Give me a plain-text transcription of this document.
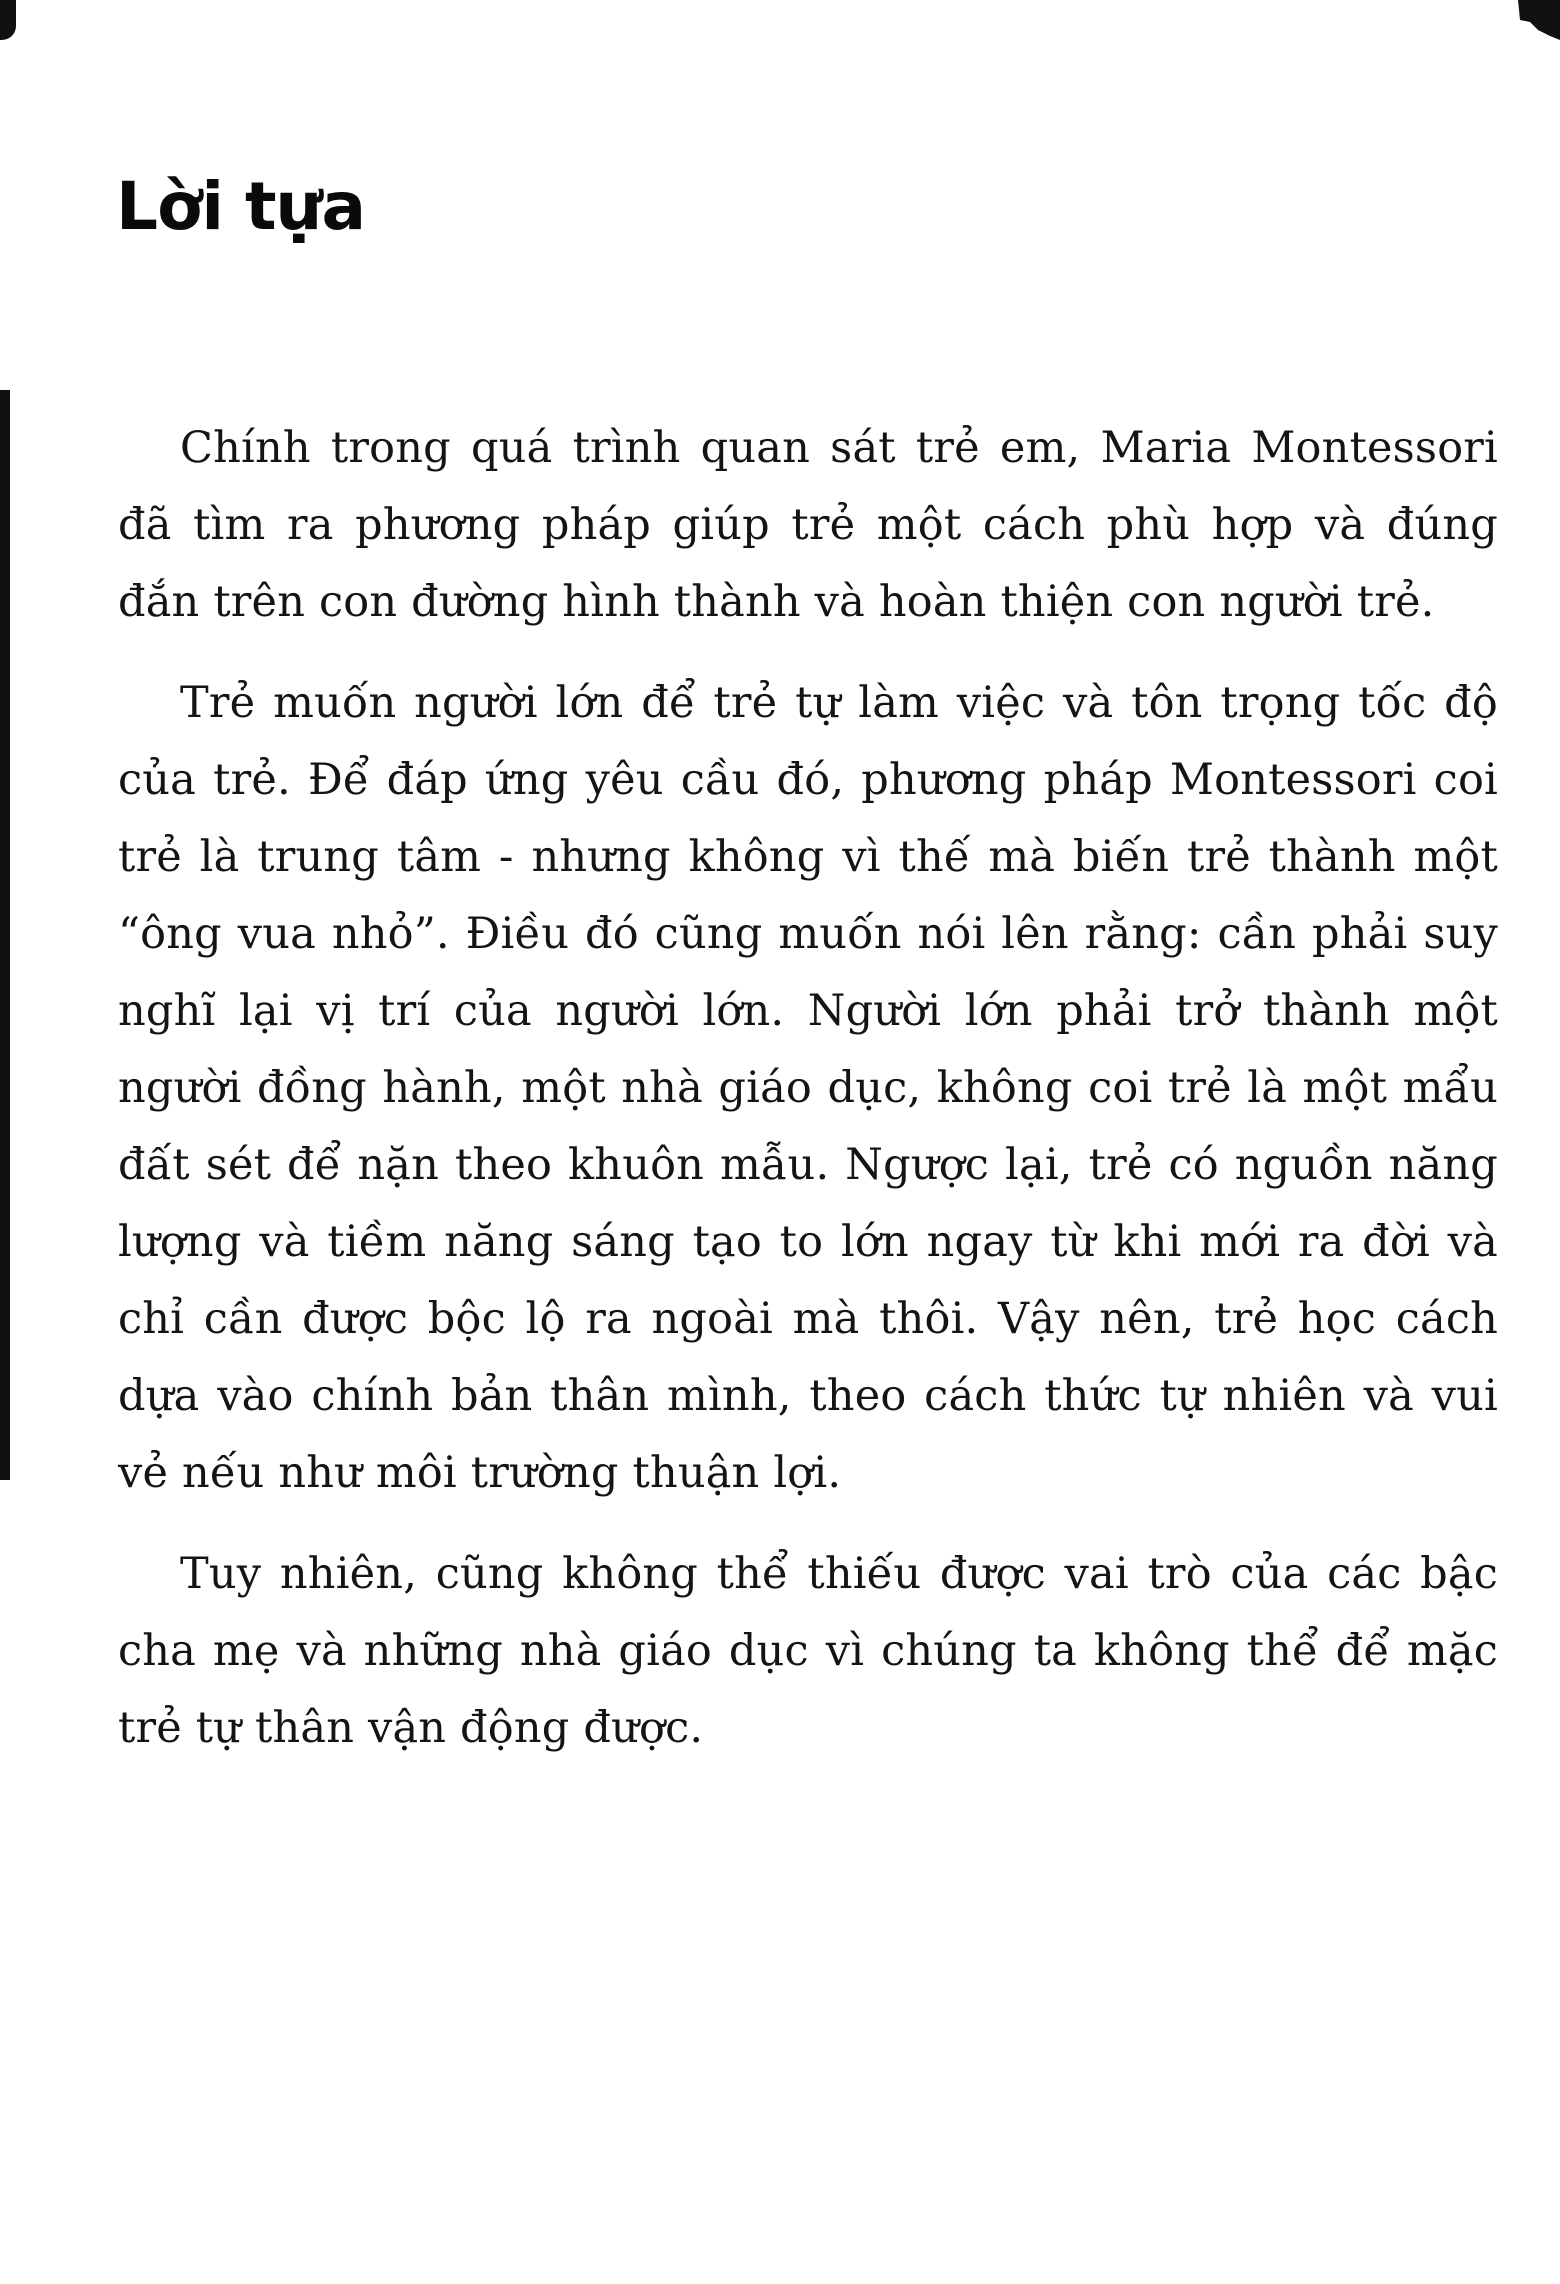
Lời tựa

Chính trong quá trình quan sát trẻ em, Maria Montessori đã tìm ra phương pháp giúp trẻ một cách phù hợp và đúng đắn trên con đường hình thành và hoàn thiện con người trẻ.

Trẻ muốn người lớn để trẻ tự làm việc và tôn trọng tốc độ của trẻ. Để đáp ứng yêu cầu đó, phương pháp Montessori coi trẻ là trung tâm - nhưng không vì thế mà biến trẻ thành một “ông vua nhỏ”. Điều đó cũng muốn nói lên rằng: cần phải suy nghĩ lại vị trí của người lớn. Người lớn phải trở thành một người đồng hành, một nhà giáo dục, không coi trẻ là một mẩu đất sét để nặn theo khuôn mẫu. Ngược lại, trẻ có nguồn năng lượng và tiềm năng sáng tạo to lớn ngay từ khi mới ra đời và chỉ cần được bộc lộ ra ngoài mà thôi. Vậy nên, trẻ học cách dựa vào chính bản thân mình, theo cách thức tự nhiên và vui vẻ nếu như môi trường thuận lợi.

Tuy nhiên, cũng không thể thiếu được vai trò của các bậc cha mẹ và những nhà giáo dục vì chúng ta không thể để mặc trẻ tự thân vận động được.
